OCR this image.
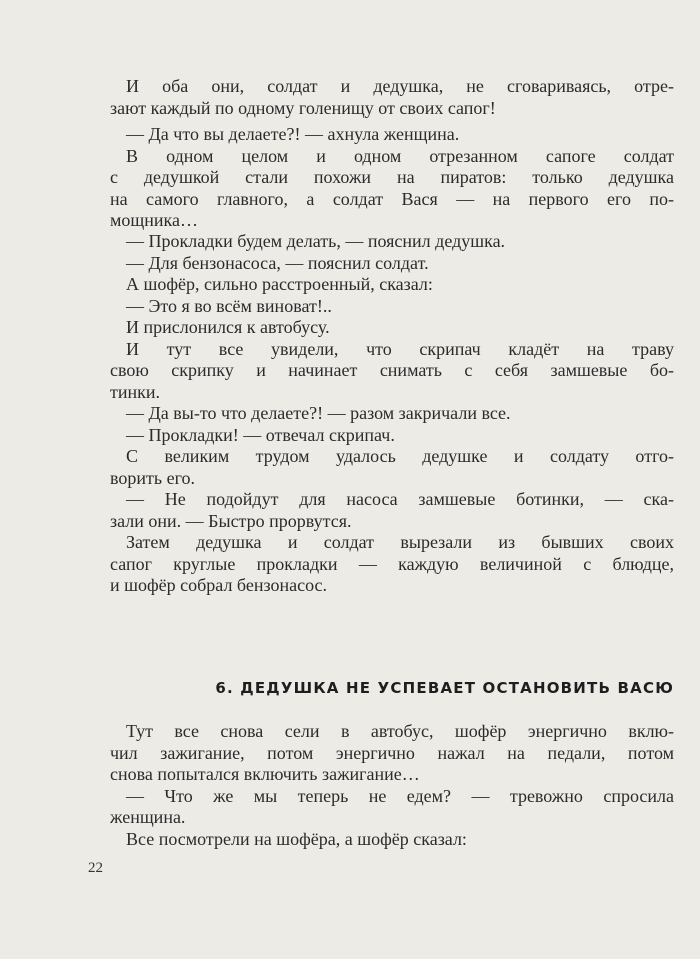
И оба они, солдат и дедушка, не сговариваясь, отре-
зают каждый по одному голенищу от своих сапог!
— Да что вы делаете?! — ахнула женщина.
В одном целом и одном отрезанном сапоге солдат
с дедушкой стали похожи на пиратов: только дедушка
на самого главного, а солдат Вася — на первого его по-
мощника…
— Прокладки будем делать, — пояснил дедушка.
— Для бензонасоса, — пояснил солдат.
А шофёр, сильно расстроенный, сказал:
— Это я во всём виноват!..
И прислонился к автобусу.
И тут все увидели, что скрипач кладёт на траву
свою скрипку и начинает снимать с себя замшевые бо-
тинки.
— Да вы-то что делаете?! — разом закричали все.
— Прокладки! — отвечал скрипач.
С великим трудом удалось дедушке и солдату отго-
ворить его.
— Не подойдут для насоса замшевые ботинки, — ска-
зали они. — Быстро прорвутся.
Затем дедушка и солдат вырезали из бывших своих
сапог круглые прокладки — каждую величиной с блюдце,
и шофёр собрал бензонасос.
6. ДЕДУШКА НЕ УСПЕВАЕТ ОСТАНОВИТЬ ВАСЮ
Тут все снова сели в автобус, шофёр энергично вклю-
чил зажигание, потом энергично нажал на педали, потом
снова попытался включить зажигание…
— Что же мы теперь не едем? — тревожно спросила
женщина.
Все посмотрели на шофёра, а шофёр сказал:
22
